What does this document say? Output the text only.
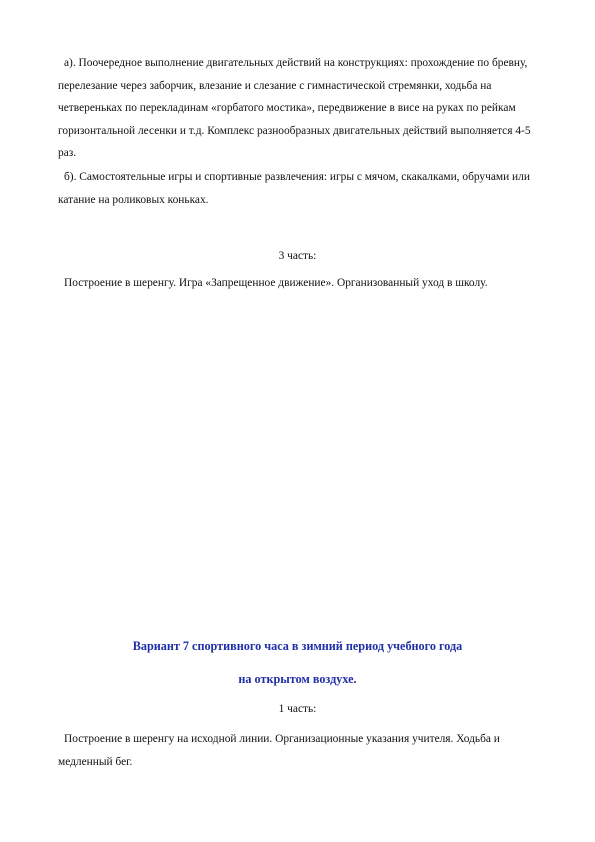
а). Поочередное выполнение двигательных действий на конструкциях: прохождение по бревну, перелезание через заборчик, влезание и слезание с гимнастической стремянки, ходьба на четвереньках по перекладинам «горбатого мостика», передвижение в висе на руках по рейкам горизонтальной лесенки и т.д. Комплекс разнообразных двигательных действий выполняется 4-5 раз.

б). Самостоятельные игры и спортивные развлечения: игры с мячом, скакалками, обручами или катание на роликовых коньках.

3 часть:

Построение в шеренгу. Игра «Запрещенное движение». Организованный уход в школу.

Вариант 7 спортивного часа в зимний период учебного года

на открытом воздухе.

1 часть:

Построение в шеренгу на исходной линии. Организационные указания учителя. Ходьба и медленный бег.
